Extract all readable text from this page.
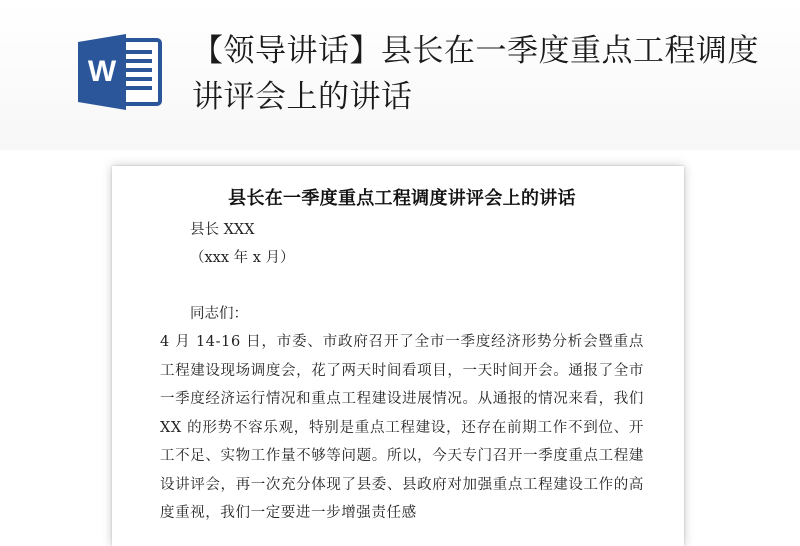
W
【领导讲话】县长在一季度重点工程调度讲评会上的讲话
县长在一季度重点工程调度讲评会上的讲话
县长 XXX
（xxx 年 x 月）
同志们：

4 月 14-16 日，市委、市政府召开了全市一季度经济形势分析会暨重点工程建设现场调度会，花了两天时间看项目，一天时间开会。通报了全市一季度经济运行情况和重点工程建设进展情况。从通报的情况来看，我们 XX 的形势不容乐观，特别是重点工程建设，还存在前期工作不到位、开工不足、实物工作量不够等问题。所以，今天专门召开一季度重点工程建设讲评会，再一次充分体现了县委、县政府对加强重点工程建设工作的高度重视，我们一定要进一步增强责任感
